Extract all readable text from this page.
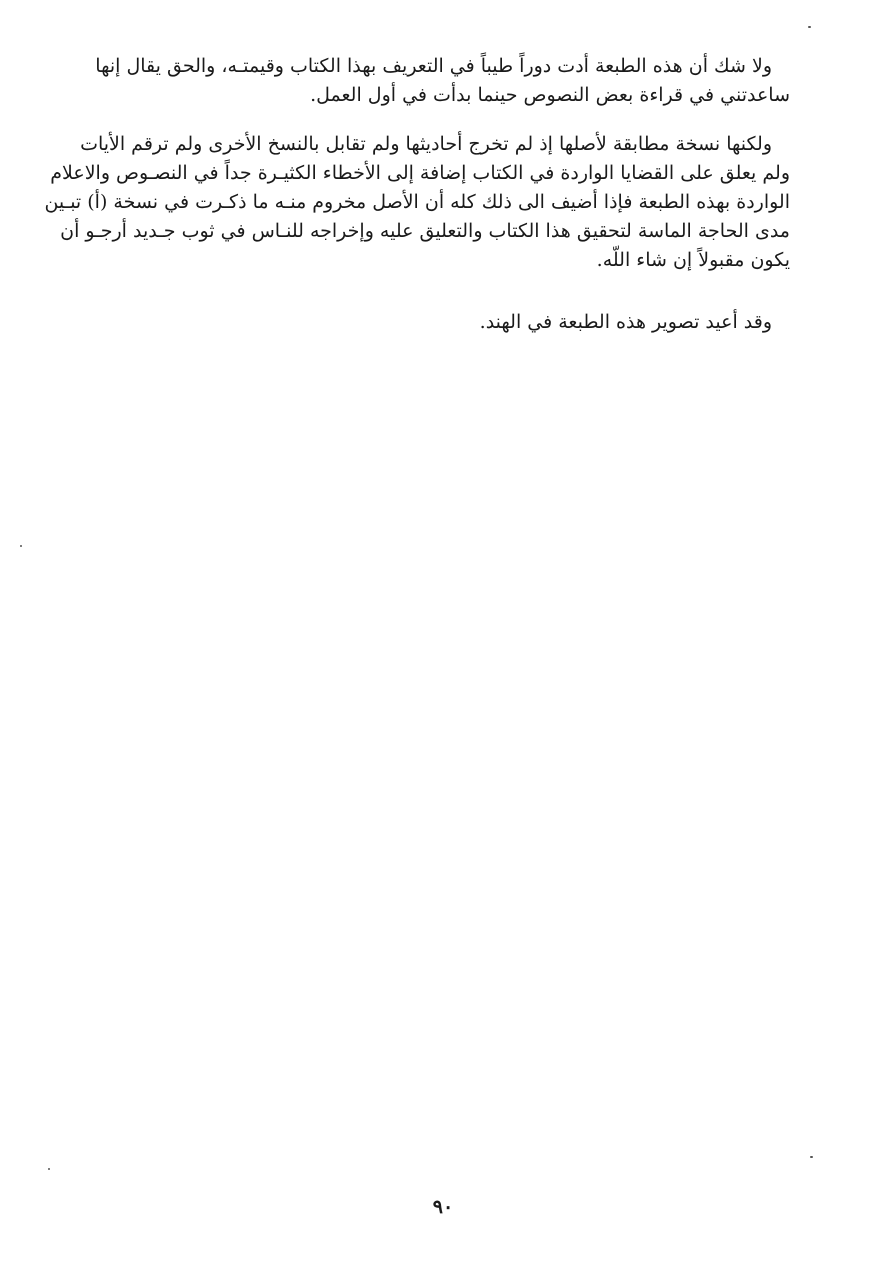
ولا شك أن هذه الطبعة أدت دوراً طيباً في التعريف بهذا الكتاب وقيمتـه، والحق يقال إنها
ساعدتني في قراءة بعض النصوص حينما بدأت في أول العمل.
ولكنها نسخة مطابقة لأصلها إذ لم تخرج أحاديثها ولم تقابل بالنسخ الأخرى ولم ترقم الأيات
ولم يعلق على القضايا الواردة في الكتاب إضافة إلى الأخطاء الكثيـرة جداً في النصـوص والاعلام
الواردة بهذه الطبعة فإذا أضيف الى ذلك كله أن الأصل مخروم منـه ما ذكـرت في نسخة (أ) تبـين
مدى الحاجة الماسة لتحقيق هذا الكتاب والتعليق عليه وإخراجه للنـاس في ثوب جـديد أرجـو أن
يكون مقبولاً إن شاء اللّه.
وقد أعيد تصوير هذه الطبعة في الهند.
٩٠
